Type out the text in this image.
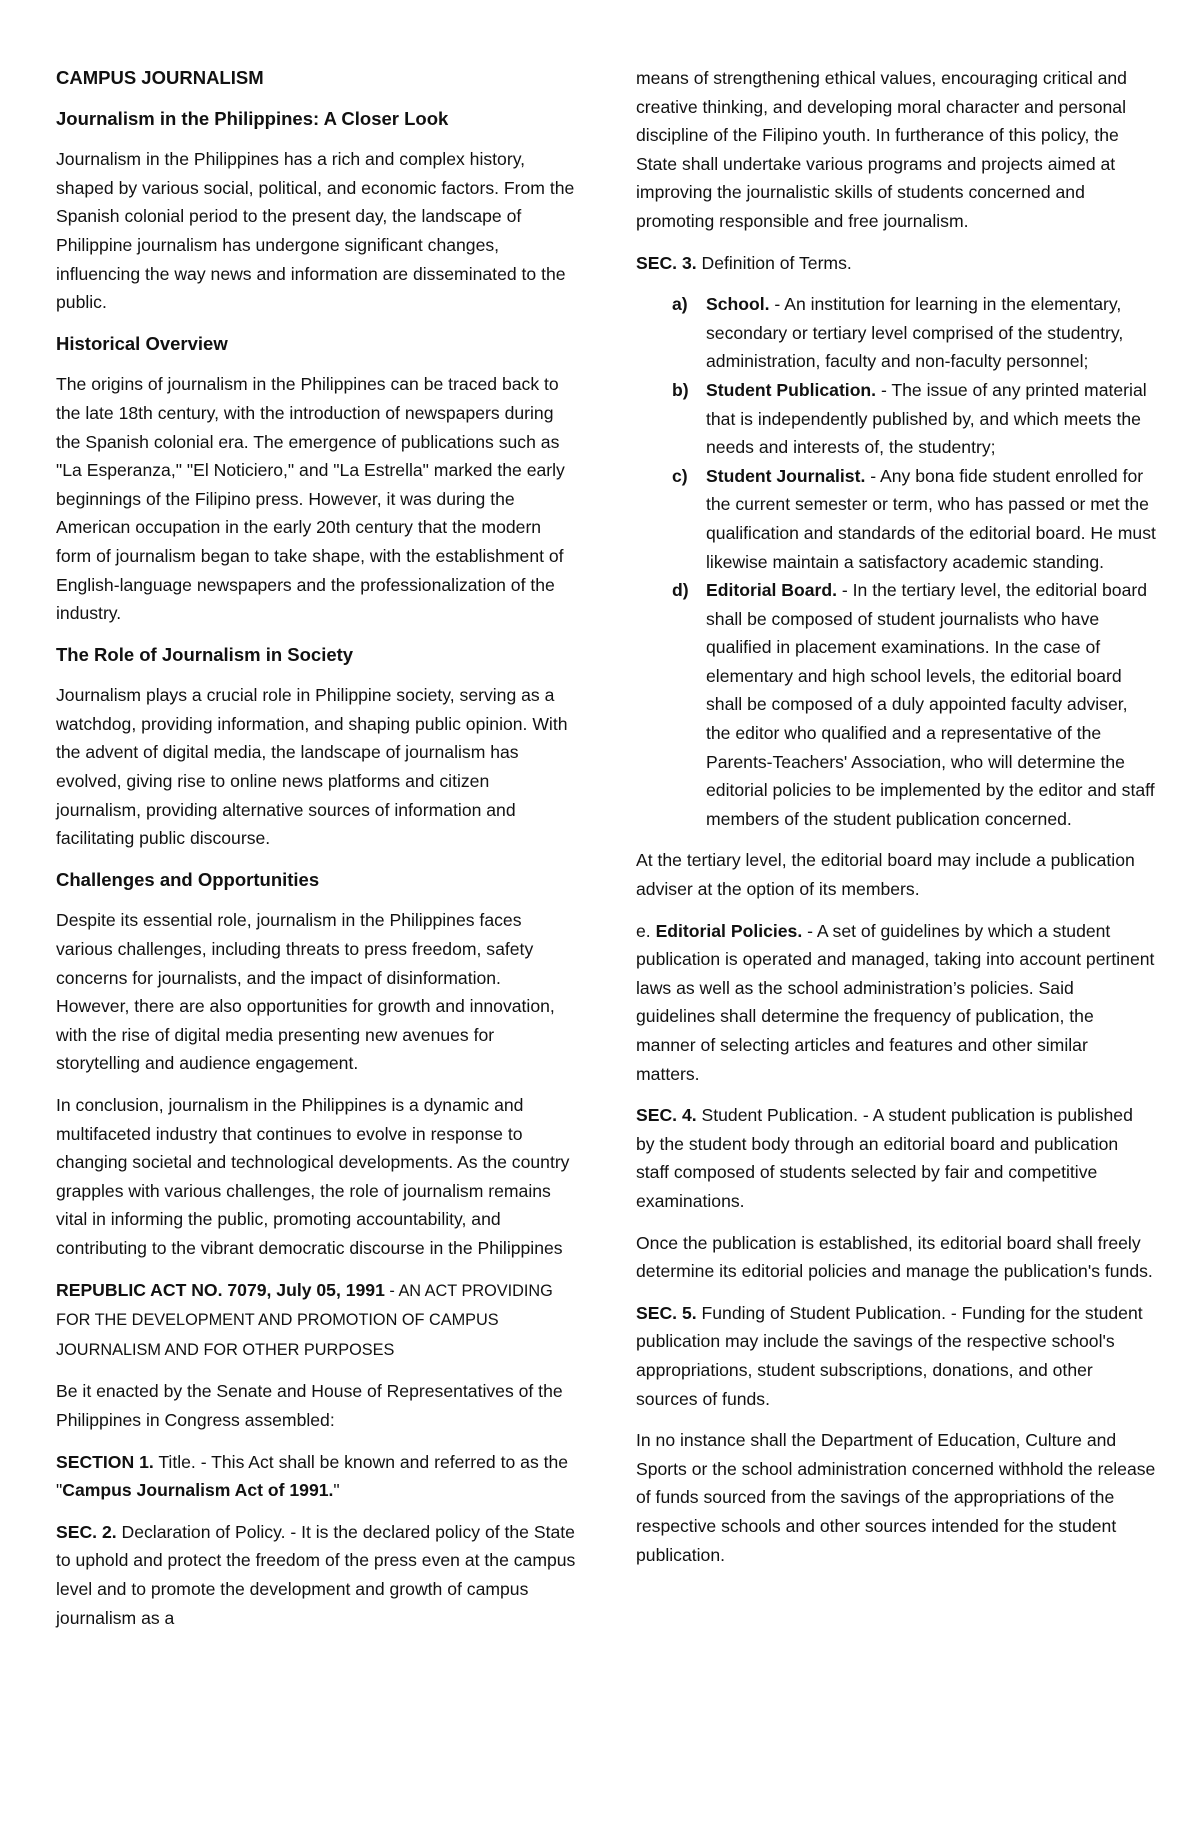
CAMPUS JOURNALISM

Journalism in the Philippines: A Closer Look

Journalism in the Philippines has a rich and complex history, shaped by various social, political, and economic factors. From the Spanish colonial period to the present day, the landscape of Philippine journalism has undergone significant changes, influencing the way news and information are disseminated to the public.

Historical Overview

The origins of journalism in the Philippines can be traced back to the late 18th century, with the introduction of newspapers during the Spanish colonial era. The emergence of publications such as "La Esperanza," "El Noticiero," and "La Estrella" marked the early beginnings of the Filipino press. However, it was during the American occupation in the early 20th century that the modern form of journalism began to take shape, with the establishment of English-language newspapers and the professionalization of the industry.

The Role of Journalism in Society

Journalism plays a crucial role in Philippine society, serving as a watchdog, providing information, and shaping public opinion. With the advent of digital media, the landscape of journalism has evolved, giving rise to online news platforms and citizen journalism, providing alternative sources of information and facilitating public discourse.

Challenges and Opportunities

Despite its essential role, journalism in the Philippines faces various challenges, including threats to press freedom, safety concerns for journalists, and the impact of disinformation. However, there are also opportunities for growth and innovation, with the rise of digital media presenting new avenues for storytelling and audience engagement.

In conclusion, journalism in the Philippines is a dynamic and multifaceted industry that continues to evolve in response to changing societal and technological developments. As the country grapples with various challenges, the role of journalism remains vital in informing the public, promoting accountability, and contributing to the vibrant democratic discourse in the Philippines

REPUBLIC ACT NO. 7079, July 05, 1991 - AN ACT PROVIDING FOR THE DEVELOPMENT AND PROMOTION OF CAMPUS JOURNALISM AND FOR OTHER PURPOSES

Be it enacted by the Senate and House of Representatives of the Philippines in Congress assembled:

SECTION 1. Title. - This Act shall be known and referred to as the "Campus Journalism Act of 1991."

SEC. 2. Declaration of Policy. - It is the declared policy of the State to uphold and protect the freedom of the press even at the campus level and to promote the development and growth of campus journalism as a

means of strengthening ethical values, encouraging critical and creative thinking, and developing moral character and personal discipline of the Filipino youth. In furtherance of this policy, the State shall undertake various programs and projects aimed at improving the journalistic skills of students concerned and promoting responsible and free journalism.

SEC. 3. Definition of Terms.

a) School. - An institution for learning in the elementary, secondary or tertiary level comprised of the studentry, administration, faculty and non-faculty personnel;
b) Student Publication. - The issue of any printed material that is independently published by, and which meets the needs and interests of, the studentry;
c) Student Journalist. - Any bona fide student enrolled for the current semester or term, who has passed or met the qualification and standards of the editorial board. He must likewise maintain a satisfactory academic standing.
d) Editorial Board. - In the tertiary level, the editorial board shall be composed of student journalists who have qualified in placement examinations. In the case of elementary and high school levels, the editorial board shall be composed of a duly appointed faculty adviser, the editor who qualified and a representative of the Parents-Teachers' Association, who will determine the editorial policies to be implemented by the editor and staff members of the student publication concerned.

At the tertiary level, the editorial board may include a publication adviser at the option of its members.

e. Editorial Policies. - A set of guidelines by which a student publication is operated and managed, taking into account pertinent laws as well as the school administration’s policies. Said guidelines shall determine the frequency of publication, the manner of selecting articles and features and other similar matters.

SEC. 4. Student Publication. - A student publication is published by the student body through an editorial board and publication staff composed of students selected by fair and competitive examinations.

Once the publication is established, its editorial board shall freely determine its editorial policies and manage the publication's funds.

SEC. 5. Funding of Student Publication. - Funding for the student publication may include the savings of the respective school's appropriations, student subscriptions, donations, and other sources of funds.

In no instance shall the Department of Education, Culture and Sports or the school administration concerned withhold the release of funds sourced from the savings of the appropriations of the respective schools and other sources intended for the student publication.
